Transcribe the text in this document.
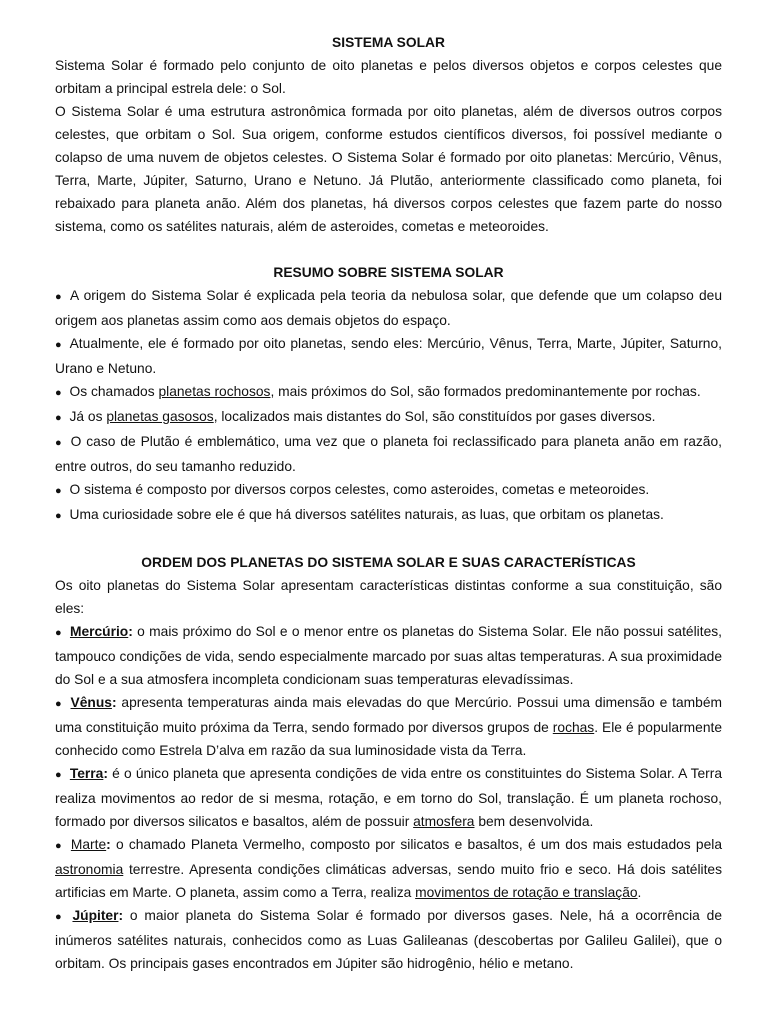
SISTEMA SOLAR

Sistema Solar é formado pelo conjunto de oito planetas e pelos diversos objetos e corpos celestes que orbitam a principal estrela dele: o Sol.

O Sistema Solar é uma estrutura astronômica formada por oito planetas, além de diversos outros corpos celestes, que orbitam o Sol. Sua origem, conforme estudos científicos diversos, foi possível mediante o colapso de uma nuvem de objetos celestes. O Sistema Solar é formado por oito planetas: Mercúrio, Vênus, Terra, Marte, Júpiter, Saturno, Urano e Netuno. Já Plutão, anteriormente classificado como planeta, foi rebaixado para planeta anão. Além dos planetas, há diversos corpos celestes que fazem parte do nosso sistema, como os satélites naturais, além de asteroides, cometas e meteoroides.

RESUMO SOBRE SISTEMA SOLAR
● A origem do Sistema Solar é explicada pela teoria da nebulosa solar, que defende que um colapso deu origem aos planetas assim como aos demais objetos do espaço.
● Atualmente, ele é formado por oito planetas, sendo eles: Mercúrio, Vênus, Terra, Marte, Júpiter, Saturno, Urano e Netuno.
● Os chamados planetas rochosos, mais próximos do Sol, são formados predominantemente por rochas.
● Já os planetas gasosos, localizados mais distantes do Sol, são constituídos por gases diversos.
● O caso de Plutão é emblemático, uma vez que o planeta foi reclassificado para planeta anão em razão, entre outros, do seu tamanho reduzido.
● O sistema é composto por diversos corpos celestes, como asteroides, cometas e meteoroides.
● Uma curiosidade sobre ele é que há diversos satélites naturais, as luas, que orbitam os planetas.
ORDEM DOS PLANETAS DO SISTEMA SOLAR E SUAS CARACTERÍSTICAS

Os oito planetas do Sistema Solar apresentam características distintas conforme a sua constituição, são eles:

● Mercúrio: o mais próximo do Sol e o menor entre os planetas do Sistema Solar. Ele não possui satélites, tampouco condições de vida, sendo especialmente marcado por suas altas temperaturas. A sua proximidade do Sol e a sua atmosfera incompleta condicionam suas temperaturas elevadíssimas.
● Vênus: apresenta temperaturas ainda mais elevadas do que Mercúrio. Possui uma dimensão e também uma constituição muito próxima da Terra, sendo formado por diversos grupos de rochas. Ele é popularmente conhecido como Estrela D’alva em razão da sua luminosidade vista da Terra.
● Terra: é o único planeta que apresenta condições de vida entre os constituintes do Sistema Solar. A Terra realiza movimentos ao redor de si mesma, rotação, e em torno do Sol, translação. É um planeta rochoso, formado por diversos silicatos e basaltos, além de possuir atmosfera bem desenvolvida.
● Marte: o chamado Planeta Vermelho, composto por silicatos e basaltos, é um dos mais estudados pela astronomia terrestre. Apresenta condições climáticas adversas, sendo muito frio e seco. Há dois satélites artificias em Marte. O planeta, assim como a Terra, realiza movimentos de rotação e translação.
● Júpiter: o maior planeta do Sistema Solar é formado por diversos gases. Nele, há a ocorrência de inúmeros satélites naturais, conhecidos como as Luas Galileanas (descobertas por Galileu Galilei), que o orbitam. Os principais gases encontrados em Júpiter são hidrogênio, hélio e metano.
